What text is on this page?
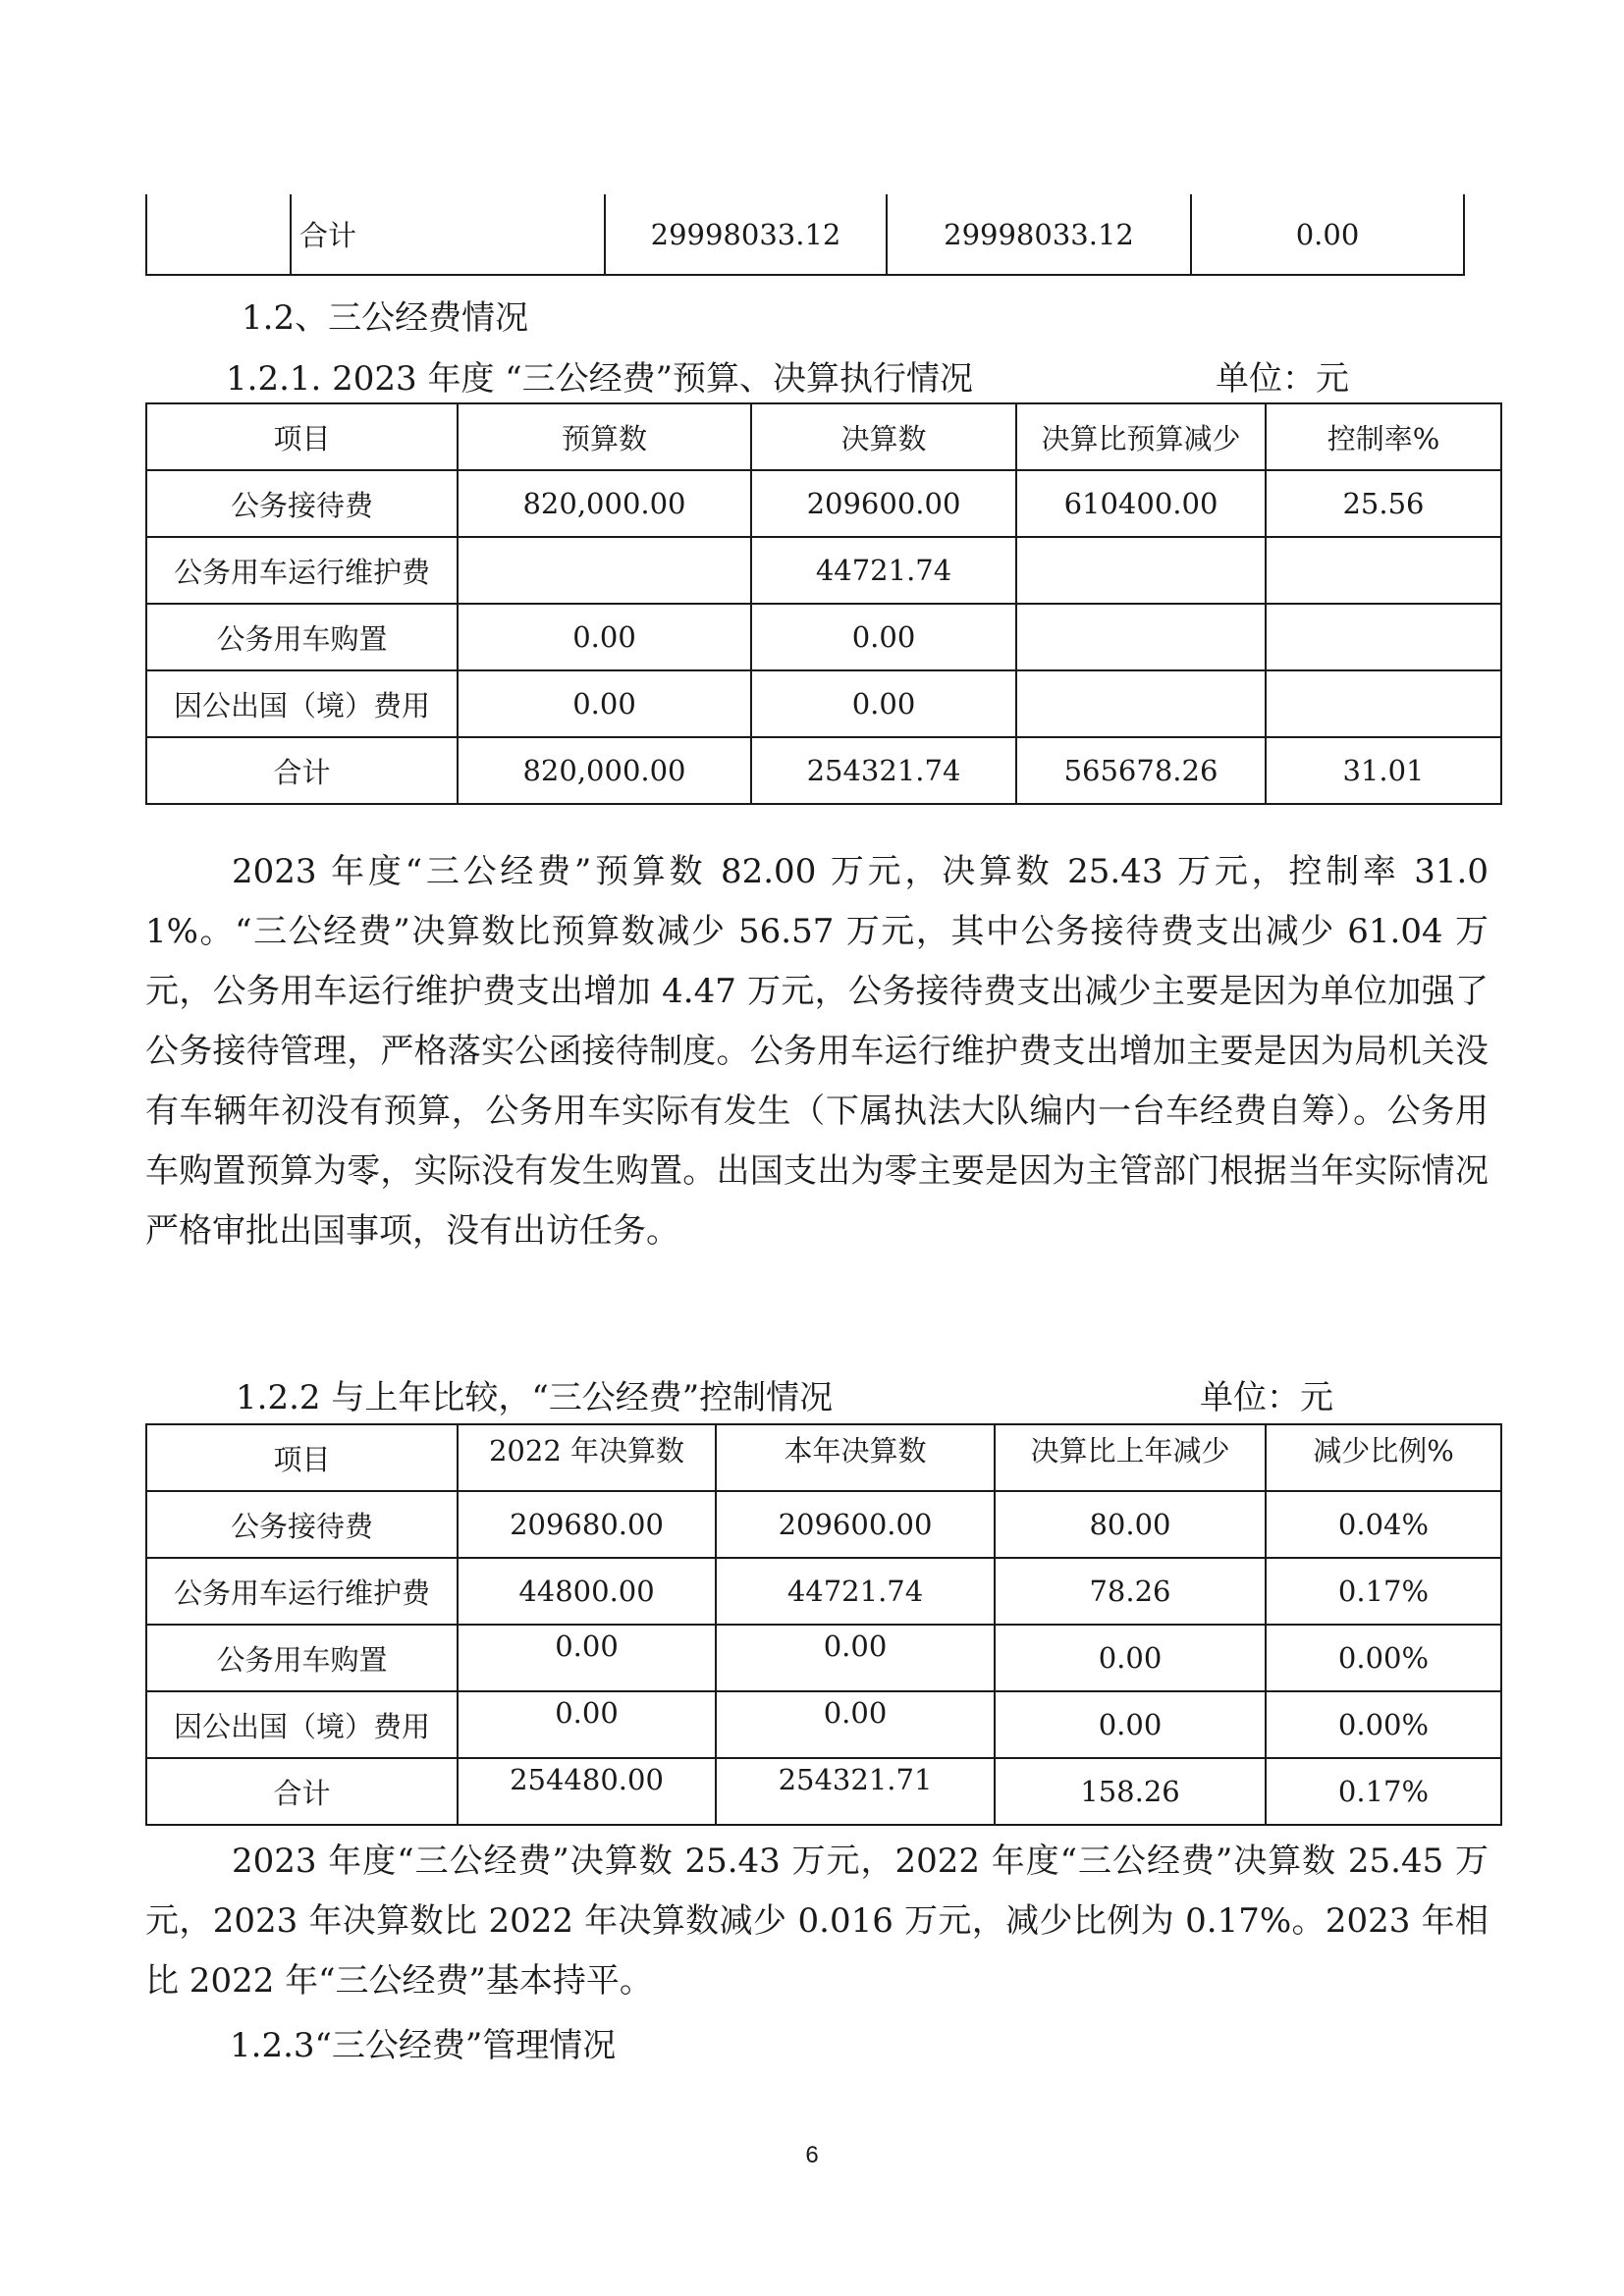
	合计	29998033.12	29998033.12	0.00

1.2、三公经费情况

1.2.1. 2023 年度 “三公经费”预算、决算执行情况	单位：元

项目	预算数	决算数	决算比预算减少	控制率%
公务接待费	820,000.00	209600.00	610400.00	25.56
公务用车运行维护费		44721.74		
公务用车购置	0.00	0.00		
因公出国（境）费用	0.00	0.00		
合计	820,000.00	254321.74	565678.26	31.01

2023 年度“三公经费”预算数 82.00 万元，决算数 25.43 万元，控制率 31.01%。“三公经费”决算数比预算数减少 56.57 万元，其中公务接待费支出减少 61.04 万元，公务用车运行维护费支出增加 4.47 万元，公务接待费支出减少主要是因为单位加强了公务接待管理，严格落实公函接待制度。公务用车运行维护费支出增加主要是因为局机关没有车辆年初没有预算，公务用车实际有发生（下属执法大队编内一台车经费自筹）。公务用车购置预算为零，实际没有发生购置。出国支出为零主要是因为主管部门根据当年实际情况严格审批出国事项，没有出访任务。

1.2.2 与上年比较，“三公经费”控制情况	单位：元

项目	2022 年决算数	本年决算数	决算比上年减少	减少比例%
公务接待费	209680.00	209600.00	80.00	0.04%
公务用车运行维护费	44800.00	44721.74	78.26	0.17%
公务用车购置	0.00	0.00	0.00	0.00%
因公出国（境）费用	0.00	0.00	0.00	0.00%
合计	254480.00	254321.71	158.26	0.17%

2023 年度“三公经费”决算数 25.43 万元，2022 年度“三公经费”决算数 25.45 万元，2023 年决算数比 2022 年决算数减少 0.016 万元，减少比例为 0.17%。2023 年相比 2022 年“三公经费”基本持平。

1.2.3“三公经费”管理情况

6
